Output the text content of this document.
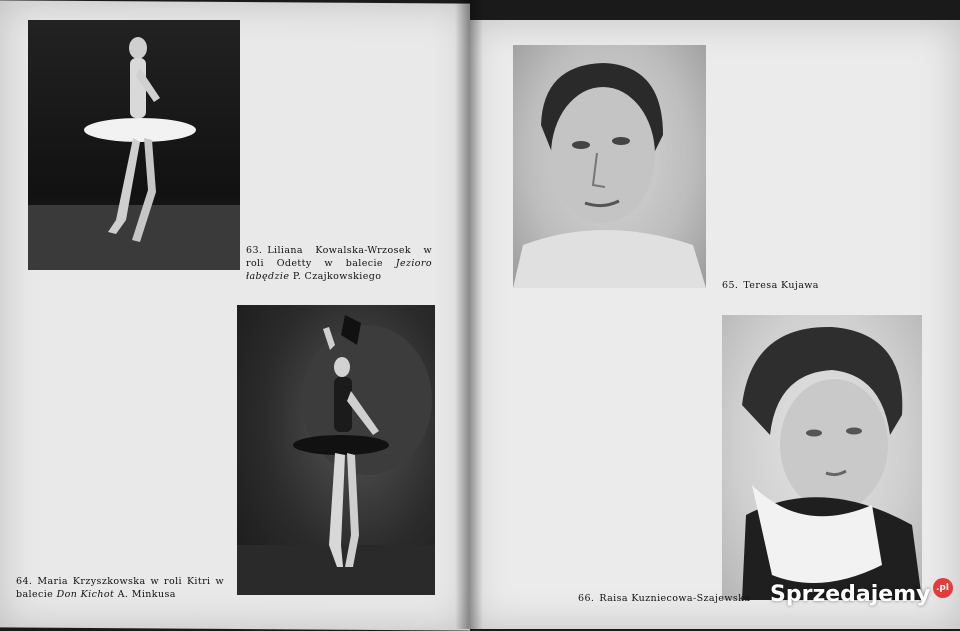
63. Liliana Kowalska-Wrzosek w roli Odetty w balecie Jezioro łabędzie P. Czajkowskiego
64. Maria Krzyszkowska w roli Kitri w balecie Don Kichot A. Minkusa
65. Teresa Kujawa
66. Raisa Kuzniecowa-Szajewska Sprzedajemy .pl
